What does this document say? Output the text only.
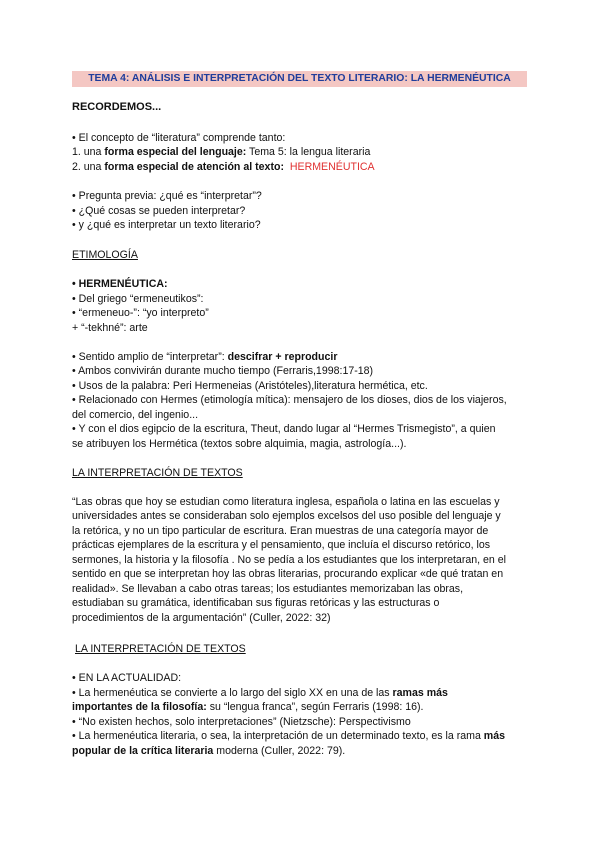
TEMA 4: ANÁLISIS E INTERPRETACIÓN DEL TEXTO LITERARIO: LA HERMENÉUTICA
RECORDEMOS...
• El concepto de “literatura” comprende tanto:
1. una forma especial del lenguaje: Tema 5: la lengua literaria
2. una forma especial de atención al texto: HERMENÉUTICA
• Pregunta previa: ¿qué es “interpretar”?
• ¿Qué cosas se pueden interpretar?
• y ¿qué es interpretar un texto literario?
ETIMOLOGÍA
• HERMENÉUTICA:
• Del griego “ermeneutikos”:
• “ermeneuo-”: “yo interpreto”
+ “-tekhné”: arte
• Sentido amplio de “interpretar”: descifrar + reproducir
• Ambos convivirán durante mucho tiempo (Ferraris,1998:17-18)
• Usos de la palabra: Peri Hermeneias (Aristóteles),literatura hermética, etc.
• Relacionado con Hermes (etimología mítica): mensajero de los dioses, dios de los viajeros,
del comercio, del ingenio...
• Y con el dios egipcio de la escritura, Theut, dando lugar al “Hermes Trismegisto”, a quien
se atribuyen los Hermética (textos sobre alquimia, magia, astrología...).
LA INTERPRETACIÓN DE TEXTOS
“Las obras que hoy se estudian como literatura inglesa, española o latina en las escuelas y
universidades antes se consideraban solo ejemplos excelsos del uso posible del lenguaje y
la retórica, y no un tipo particular de escritura. Eran muestras de una categoría mayor de
prácticas ejemplares de la escritura y el pensamiento, que incluía el discurso retórico, los
sermones, la historia y la filosofía . No se pedía a los estudiantes que los interpretaran, en el
sentido en que se interpretan hoy las obras literarias, procurando explicar «de qué tratan en
realidad». Se llevaban a cabo otras tareas; los estudiantes memorizaban las obras,
estudiaban su gramática, identificaban sus figuras retóricas y las estructuras o
procedimientos de la argumentación” (Culler, 2022: 32)
LA INTERPRETACIÓN DE TEXTOS
• EN LA ACTUALIDAD:
• La hermenéutica se convierte a lo largo del siglo XX en una de las ramas más
importantes de la filosofía: su “lengua franca”, según Ferraris (1998: 16).
• “No existen hechos, solo interpretaciones” (Nietzsche): Perspectivismo
• La hermenéutica literaria, o sea, la interpretación de un determinado texto, es la rama más
popular de la crítica literaria moderna (Culler, 2022: 79).
